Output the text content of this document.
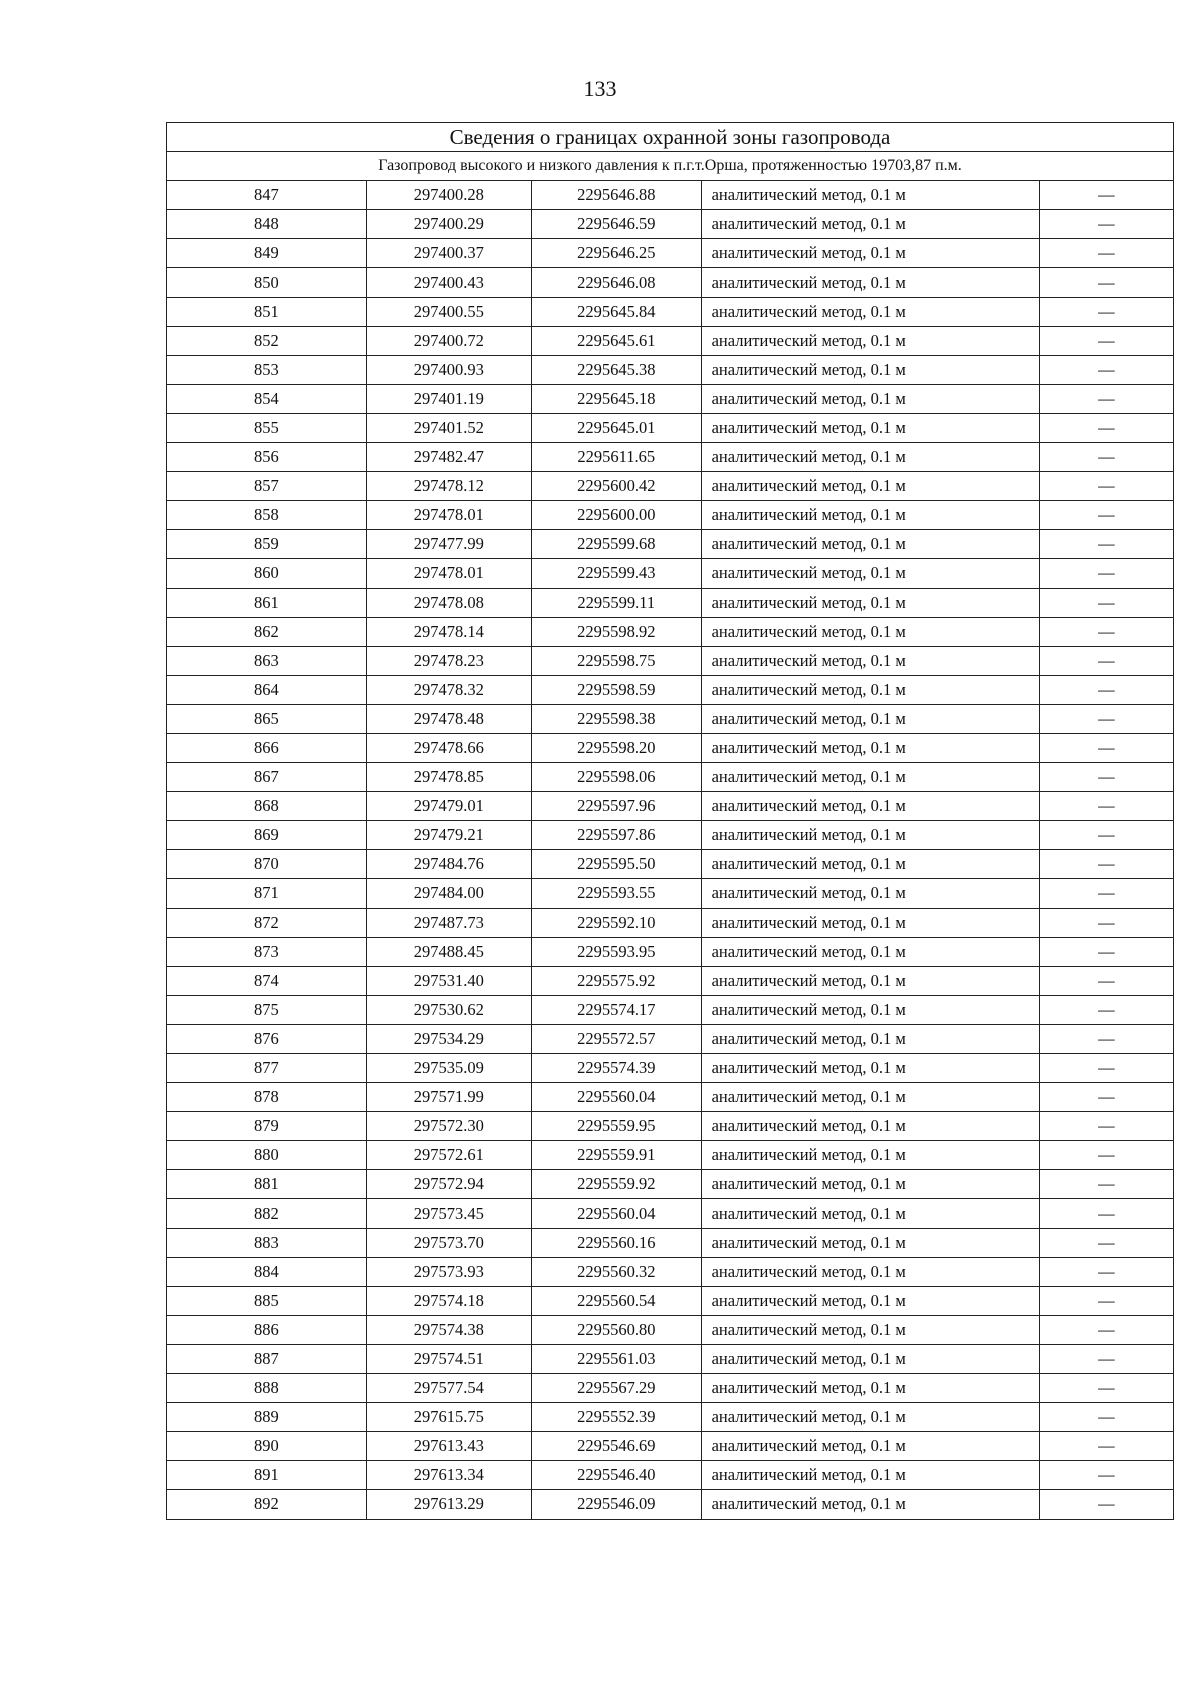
133
Сведения о границах охранной зоны газопровода				
Газопровод высокого и низкого давления к п.г.т.Орша, протяженностью 19703,87 п.м.				
847	297400.28	2295646.88	аналитический метод, 0.1 м	—
848	297400.29	2295646.59	аналитический метод, 0.1 м	—
849	297400.37	2295646.25	аналитический метод, 0.1 м	—
850	297400.43	2295646.08	аналитический метод, 0.1 м	—
851	297400.55	2295645.84	аналитический метод, 0.1 м	—
852	297400.72	2295645.61	аналитический метод, 0.1 м	—
853	297400.93	2295645.38	аналитический метод, 0.1 м	—
854	297401.19	2295645.18	аналитический метод, 0.1 м	—
855	297401.52	2295645.01	аналитический метод, 0.1 м	—
856	297482.47	2295611.65	аналитический метод, 0.1 м	—
857	297478.12	2295600.42	аналитический метод, 0.1 м	—
858	297478.01	2295600.00	аналитический метод, 0.1 м	—
859	297477.99	2295599.68	аналитический метод, 0.1 м	—
860	297478.01	2295599.43	аналитический метод, 0.1 м	—
861	297478.08	2295599.11	аналитический метод, 0.1 м	—
862	297478.14	2295598.92	аналитический метод, 0.1 м	—
863	297478.23	2295598.75	аналитический метод, 0.1 м	—
864	297478.32	2295598.59	аналитический метод, 0.1 м	—
865	297478.48	2295598.38	аналитический метод, 0.1 м	—
866	297478.66	2295598.20	аналитический метод, 0.1 м	—
867	297478.85	2295598.06	аналитический метод, 0.1 м	—
868	297479.01	2295597.96	аналитический метод, 0.1 м	—
869	297479.21	2295597.86	аналитический метод, 0.1 м	—
870	297484.76	2295595.50	аналитический метод, 0.1 м	—
871	297484.00	2295593.55	аналитический метод, 0.1 м	—
872	297487.73	2295592.10	аналитический метод, 0.1 м	—
873	297488.45	2295593.95	аналитический метод, 0.1 м	—
874	297531.40	2295575.92	аналитический метод, 0.1 м	—
875	297530.62	2295574.17	аналитический метод, 0.1 м	—
876	297534.29	2295572.57	аналитический метод, 0.1 м	—
877	297535.09	2295574.39	аналитический метод, 0.1 м	—
878	297571.99	2295560.04	аналитический метод, 0.1 м	—
879	297572.30	2295559.95	аналитический метод, 0.1 м	—
880	297572.61	2295559.91	аналитический метод, 0.1 м	—
881	297572.94	2295559.92	аналитический метод, 0.1 м	—
882	297573.45	2295560.04	аналитический метод, 0.1 м	—
883	297573.70	2295560.16	аналитический метод, 0.1 м	—
884	297573.93	2295560.32	аналитический метод, 0.1 м	—
885	297574.18	2295560.54	аналитический метод, 0.1 м	—
886	297574.38	2295560.80	аналитический метод, 0.1 м	—
887	297574.51	2295561.03	аналитический метод, 0.1 м	—
888	297577.54	2295567.29	аналитический метод, 0.1 м	—
889	297615.75	2295552.39	аналитический метод, 0.1 м	—
890	297613.43	2295546.69	аналитический метод, 0.1 м	—
891	297613.34	2295546.40	аналитический метод, 0.1 м	—
892	297613.29	2295546.09	аналитический метод, 0.1 м	—
